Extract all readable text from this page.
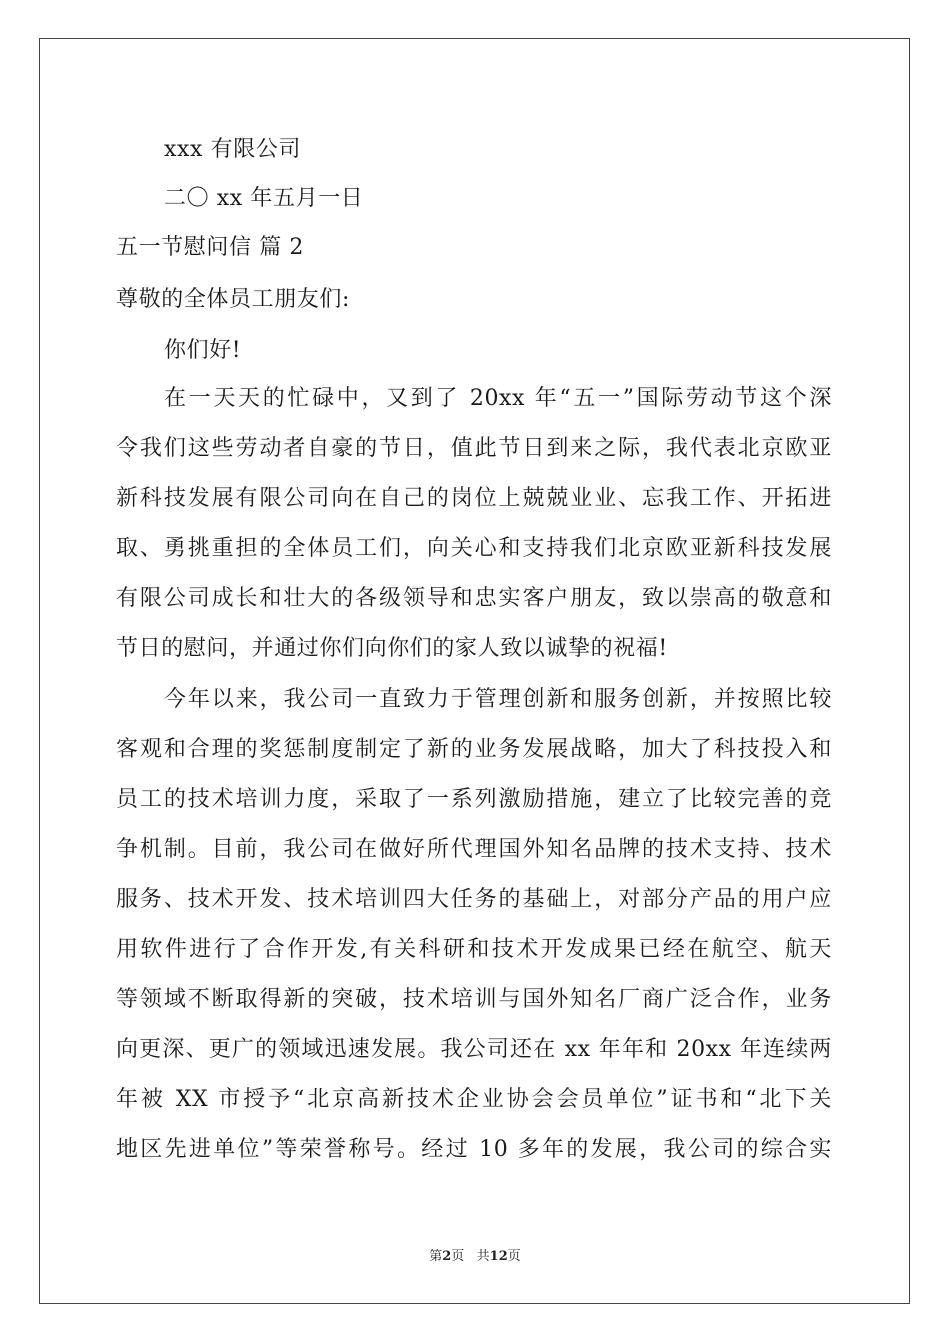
xxx 有限公司
二〇 xx 年五月一日
五一节慰问信 篇 2
尊敬的全体员工朋友们:
你们好!
在一天天的忙碌中，又到了 20xx 年“五一”国际劳动节这个深
令我们这些劳动者自豪的节日，值此节日到来之际，我代表北京欧亚
新科技发展有限公司向在自己的岗位上兢兢业业、忘我工作、开拓进
取、勇挑重担的全体员工们，向关心和支持我们北京欧亚新科技发展
有限公司成长和壮大的各级领导和忠实客户朋友，致以崇高的敬意和
节日的慰问，并通过你们向你们的家人致以诚挚的祝福!
今年以来，我公司一直致力于管理创新和服务创新，并按照比较
客观和合理的奖惩制度制定了新的业务发展战略，加大了科技投入和
员工的技术培训力度，采取了一系列激励措施，建立了比较完善的竞
争机制。目前，我公司在做好所代理国外知名品牌的技术支持、技术
服务、技术开发、技术培训四大任务的基础上，对部分产品的用户应
用软件进行了合作开发,有关科研和技术开发成果已经在航空、航天
等领域不断取得新的突破，技术培训与国外知名厂商广泛合作，业务
向更深、更广的领域迅速发展。我公司还在 xx 年年和 20xx 年连续两
年被 XX 市授予“北京高新技术企业协会会员单位”证书和“北下关
地区先进单位”等荣誉称号。经过 10 多年的发展，我公司的综合实
第2页   共12页
